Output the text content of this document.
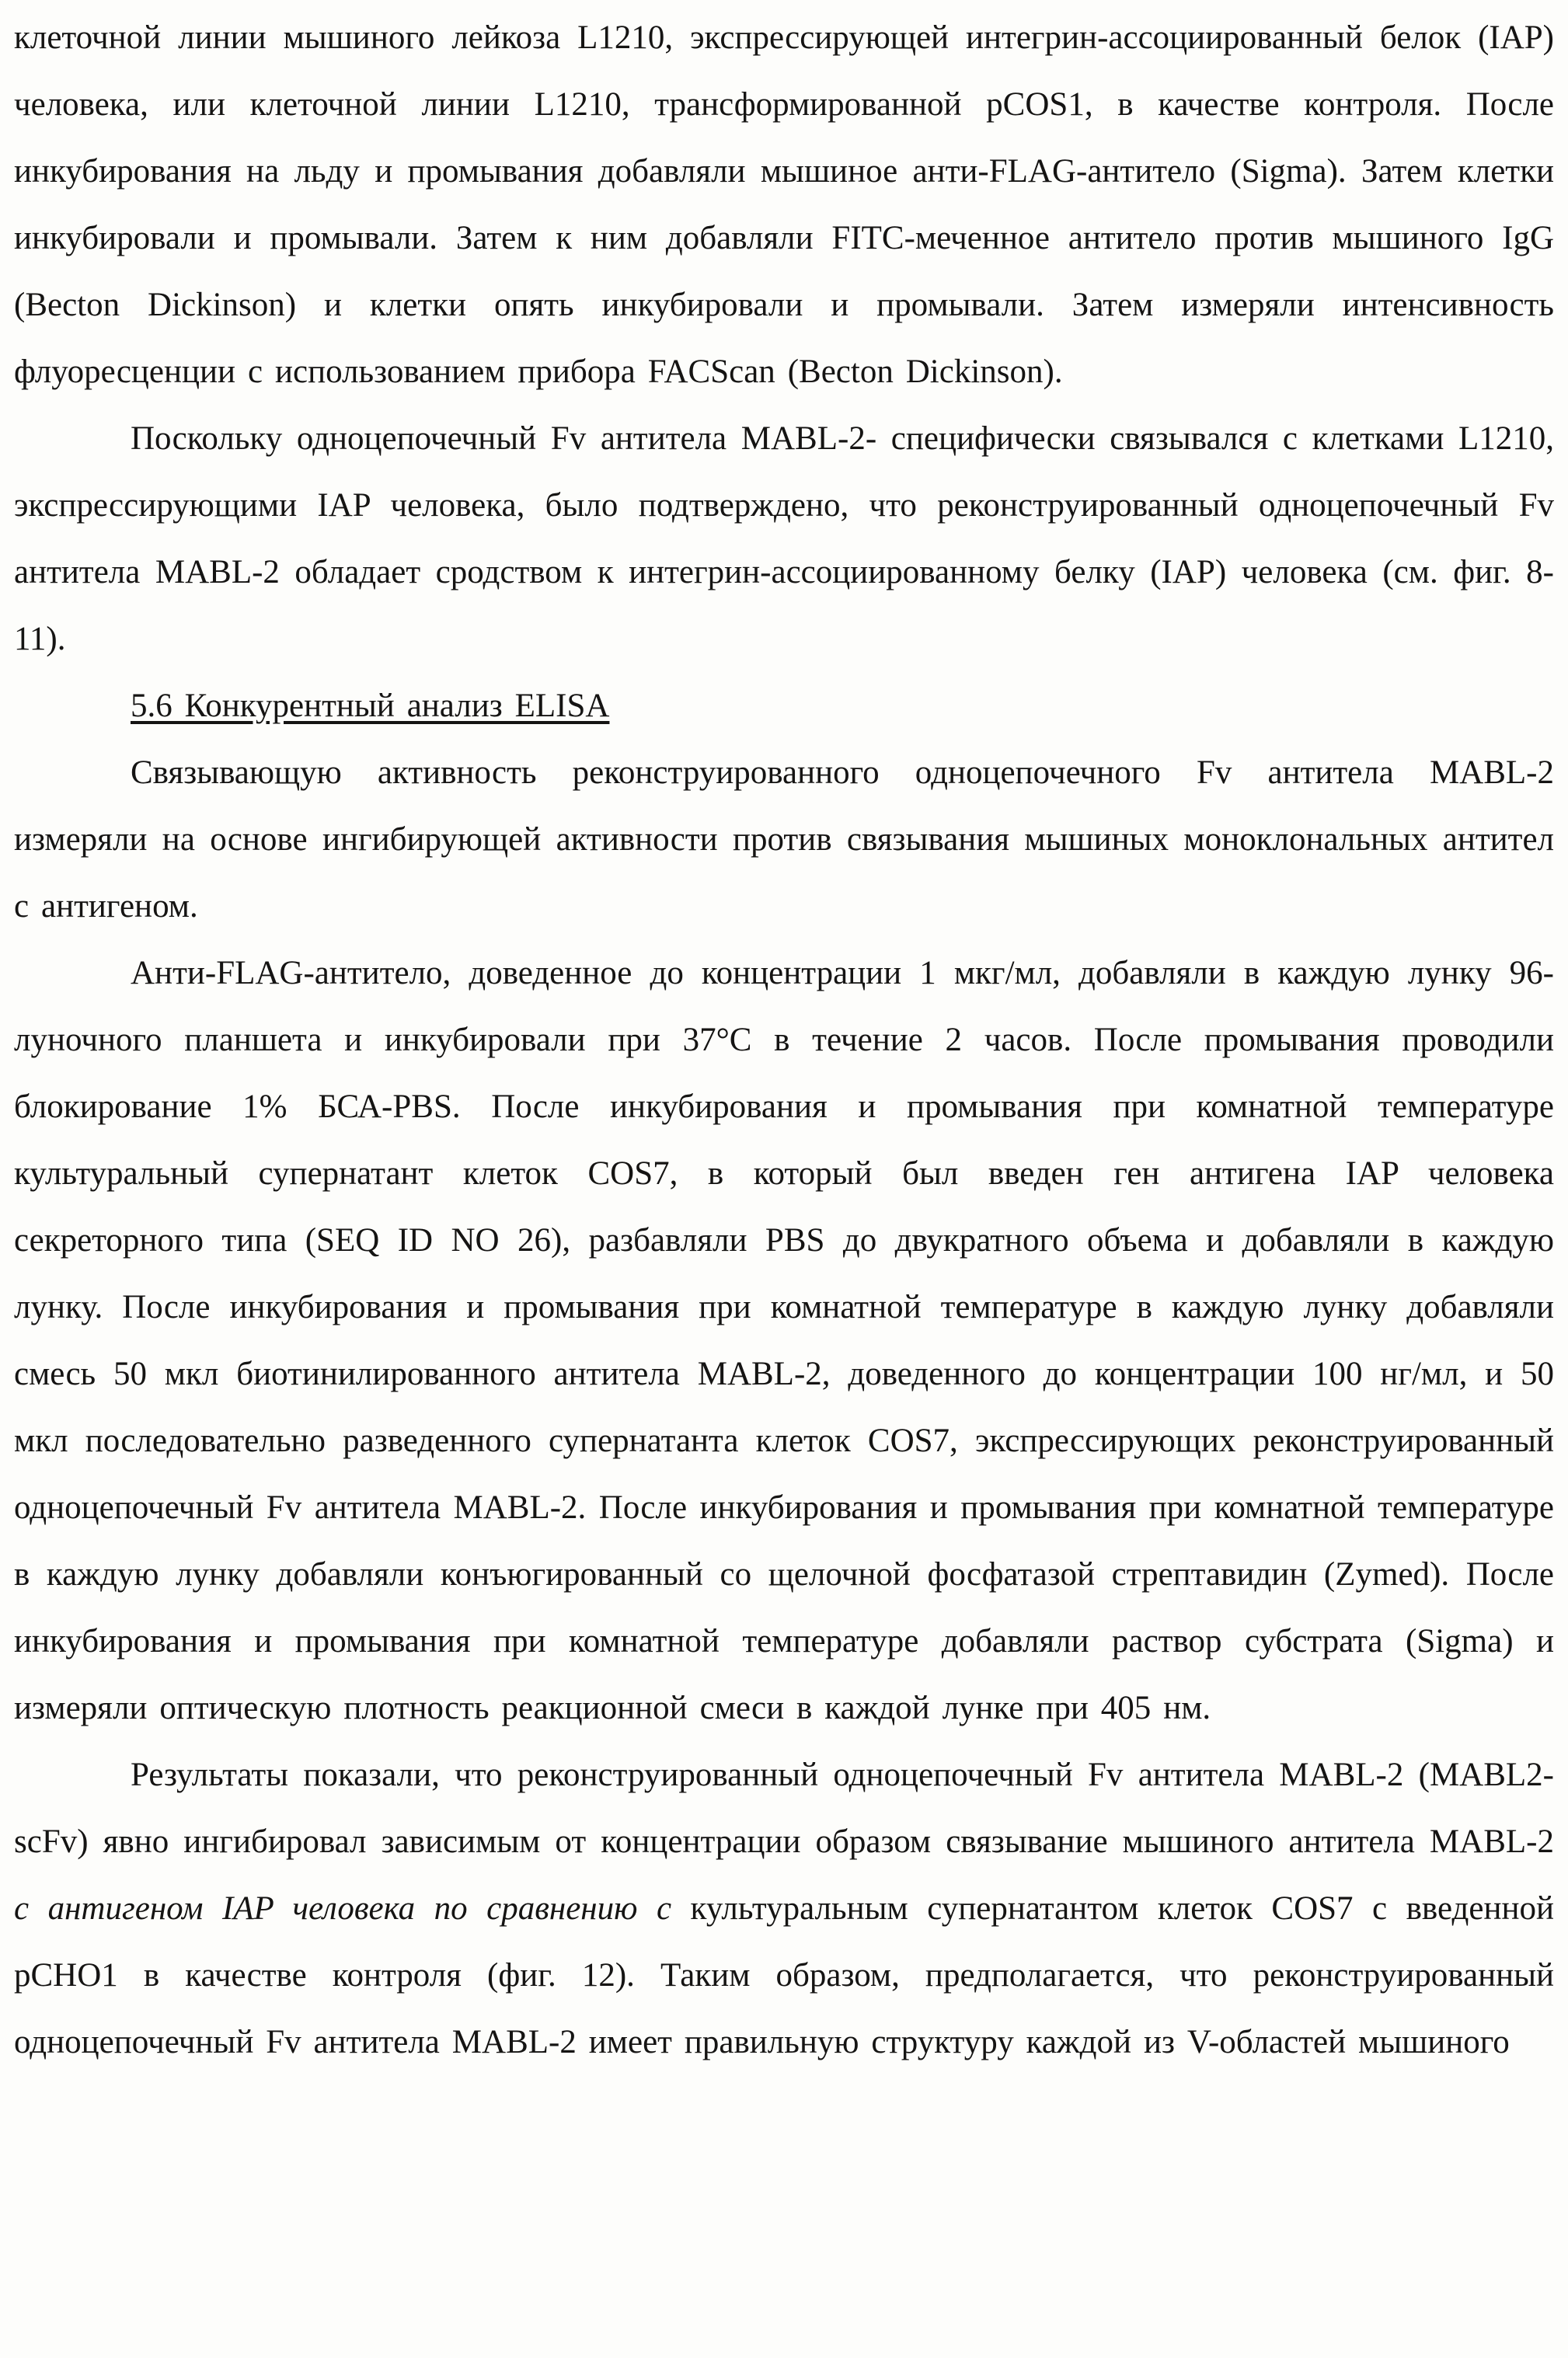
клеточной линии мышиного лейкоза L1210, экспрессирующей интегрин-ассоциированный белок (IAP) человека, или клеточной линии L1210, трансформированной pCOS1, в качестве контроля. После инкубирования на льду и промывания добавляли мышиное анти-FLAG-антитело (Sigma). Затем клетки инкубировали и промывали. Затем к ним добавляли FITC-меченное антитело против мышиного IgG (Becton Dickinson) и клетки опять инкубировали и промывали. Затем измеряли интенсивность флуоресценции с использованием прибора FACScan (Becton Dickinson).

Поскольку одноцепочечный Fv антитела MABL-2- специфически связывался с клетками L1210, экспрессирующими IAP человека, было подтверждено, что реконструированный одноцепочечный Fv антитела MABL-2 обладает сродством к интегрин-ассоциированному белку (IAP) человека (см. фиг. 8-11).

5.6 Конкурентный анализ ELISA

Связывающую активность реконструированного одноцепочечного Fv антитела MABL-2 измеряли на основе ингибирующей активности против связывания мышиных моноклональных антител с антигеном.

Анти-FLAG-антитело, доведенное до концентрации 1 мкг/мл, добавляли в каждую лунку 96-луночного планшета и инкубировали при 37°C в течение 2 часов. После промывания проводили блокирование 1% БСА-PBS. После инкубирования и промывания при комнатной температуре культуральный супернатант клеток COS7, в который был введен ген антигена IAP человека секреторного типа (SEQ ID NO 26), разбавляли PBS до двукратного объема и добавляли в каждую лунку. После инкубирования и промывания при комнатной температуре в каждую лунку добавляли смесь 50 мкл биотинилированного антитела MABL-2, доведенного до концентрации 100 нг/мл, и 50 мкл последовательно разведенного супернатанта клеток COS7, экспрессирующих реконструированный одноцепочечный Fv антитела MABL-2. После инкубирования и промывания при комнатной температуре в каждую лунку добавляли конъюгированный со щелочной фосфатазой стрептавидин (Zymed). После инкубирования и промывания при комнатной температуре добавляли раствор субстрата (Sigma) и измеряли оптическую плотность реакционной смеси в каждой лунке при 405 нм.

Результаты показали, что реконструированный одноцепочечный Fv антитела MABL-2 (MABL2-scFv) явно ингибировал зависимым от концентрации образом связывание мышиного антитела MABL-2 с антигеном IAP человека по сравнению с культуральным супернатантом клеток COS7 с введенной pCHO1 в качестве контроля (фиг. 12). Таким образом, предполагается, что реконструированный одноцепочечный Fv антитела MABL-2 имеет правильную структуру каждой из V-областей мышиного
